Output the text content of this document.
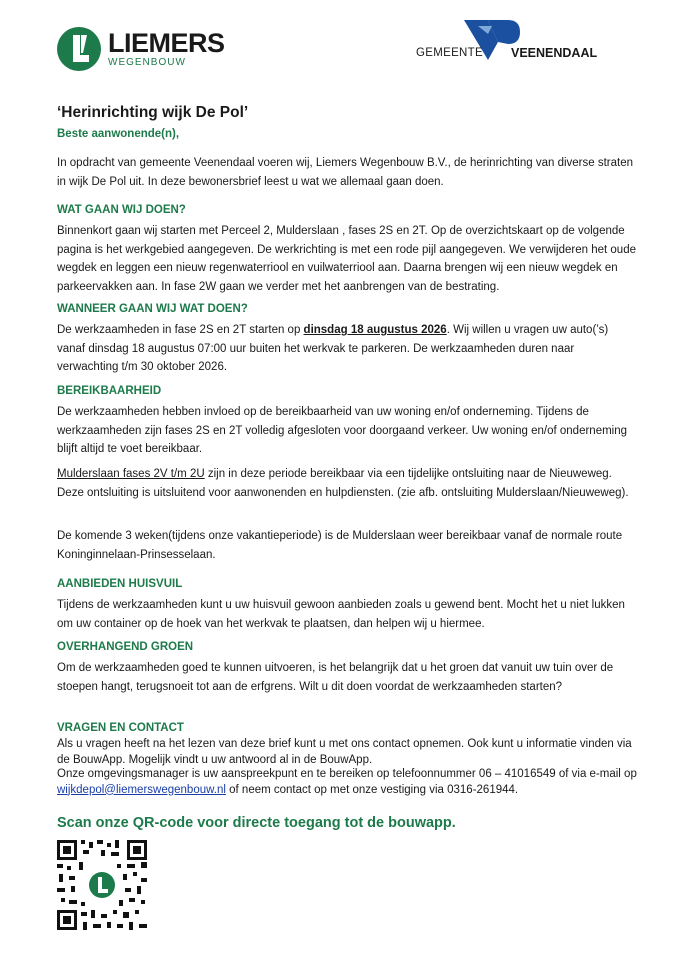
LIEMERS
WEGENBOUW
GEMEENTE VEENENDAAL
‘Herinrichting wijk De Pol’
Beste aanwonende(n),

In opdracht van gemeente Veenendaal voeren wij, Liemers Wegenbouw B.V., de herinrichting van diverse straten in wijk De Pol uit. In deze bewonersbrief leest u wat we allemaal gaan doen.

WAT GAAN WIJ DOEN?

Binnenkort gaan wij starten met Perceel 2, Mulderslaan , fases 2S en 2T. Op de overzichtskaart op de volgende pagina is het werkgebied aangegeven. De werkrichting is met een rode pijl aangegeven. We verwijderen het oude wegdek en leggen een nieuw regenwaterriool en vuilwaterriool aan. Daarna brengen wij een nieuw wegdek en parkeervakken aan. In fase 2W gaan we verder met het aanbrengen van de bestrating.

WANNEER GAAN WIJ WAT DOEN?

De werkzaamheden in fase 2S en 2T starten op dinsdag 18 augustus 2026. Wij willen u vragen uw auto(’s) vanaf dinsdag 18 augustus 07:00 uur buiten het werkvak te parkeren. De werkzaamheden duren naar verwachting t/m 30 oktober 2026.

BEREIKBAARHEID

De werkzaamheden hebben invloed op de bereikbaarheid van uw woning en/of onderneming. Tijdens de werkzaamheden zijn fases 2S en 2T volledig afgesloten voor doorgaand verkeer. Uw woning en/of onderneming blijft altijd te voet bereikbaar.

Mulderslaan fases 2V t/m 2U zijn in deze periode bereikbaar via een tijdelijke ontsluiting naar de Nieuweweg. Deze ontsluiting is uitsluitend voor aanwonenden en hulpdiensten. (zie afb. ontsluiting Mulderslaan/Nieuweweg).

De komende 3 weken(tijdens onze vakantieperiode) is de Mulderslaan weer bereikbaar vanaf de normale route Koninginnelaan-Prinsesselaan.

AANBIEDEN HUISVUIL

Tijdens de werkzaamheden kunt u uw huisvuil gewoon aanbieden zoals u gewend bent. Mocht het u niet lukken om uw container op de hoek van het werkvak te plaatsen, dan helpen wij u hiermee.

OVERHANGEND GROEN

Om de werkzaamheden goed te kunnen uitvoeren, is het belangrijk dat u het groen dat vanuit uw tuin over de stoepen hangt, terugsnoeit tot aan de erfgrens. Wilt u dit doen voordat de werkzaamheden starten?

VRAGEN EN CONTACT

Als u vragen heeft na het lezen van deze brief kunt u met ons contact opnemen. Ook kunt u informatie vinden via de BouwApp. Mogelijk vindt u uw antwoord al in de BouwApp.

Onze omgevingsmanager is uw aanspreekpunt en te bereiken op telefoonnummer 06 – 41016549 of via e-mail op wijkdepol@liemerswegenbouw.nl of neem contact op met onze vestiging via 0316-261944.

Scan onze QR-code voor directe toegang tot de bouwapp.
